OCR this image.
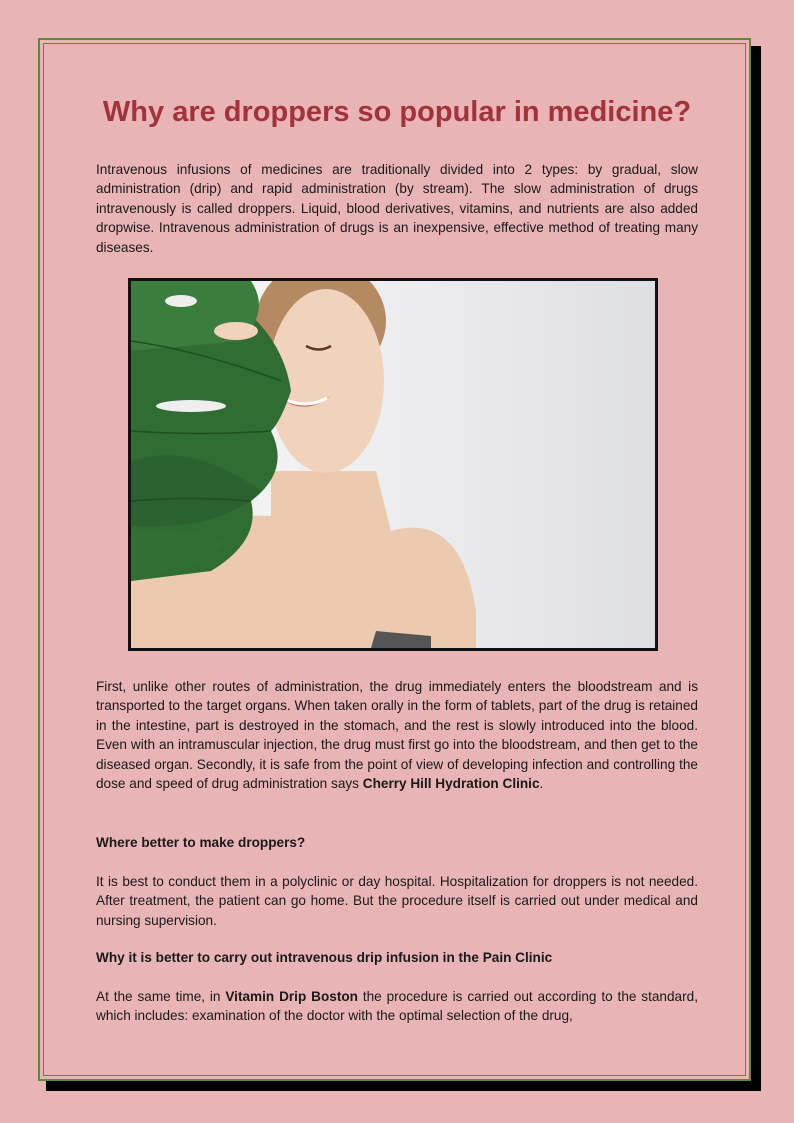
Why are droppers so popular in medicine?

Intravenous infusions of medicines are traditionally divided into 2 types: by gradual, slow administration (drip) and rapid administration (by stream). The slow administration of drugs intravenously is called droppers. Liquid, blood derivatives, vitamins, and nutrients are also added dropwise. Intravenous administration of drugs is an inexpensive, effective method of treating many diseases.

First, unlike other routes of administration, the drug immediately enters the bloodstream and is transported to the target organs. When taken orally in the form of tablets, part of the drug is retained in the intestine, part is destroyed in the stomach, and the rest is slowly introduced into the blood. Even with an intramuscular injection, the drug must first go into the bloodstream, and then get to the diseased organ. Secondly, it is safe from the point of view of developing infection and controlling the dose and speed of drug administration says Cherry Hill Hydration Clinic.

Where better to make droppers?

It is best to conduct them in a polyclinic or day hospital. Hospitalization for droppers is not needed. After treatment, the patient can go home. But the procedure itself is carried out under medical and nursing supervision.

Why it is better to carry out intravenous drip infusion in the Pain Clinic

At the same time, in Vitamin Drip Boston the procedure is carried out according to the standard, which includes: examination of the doctor with the optimal selection of the drug,
